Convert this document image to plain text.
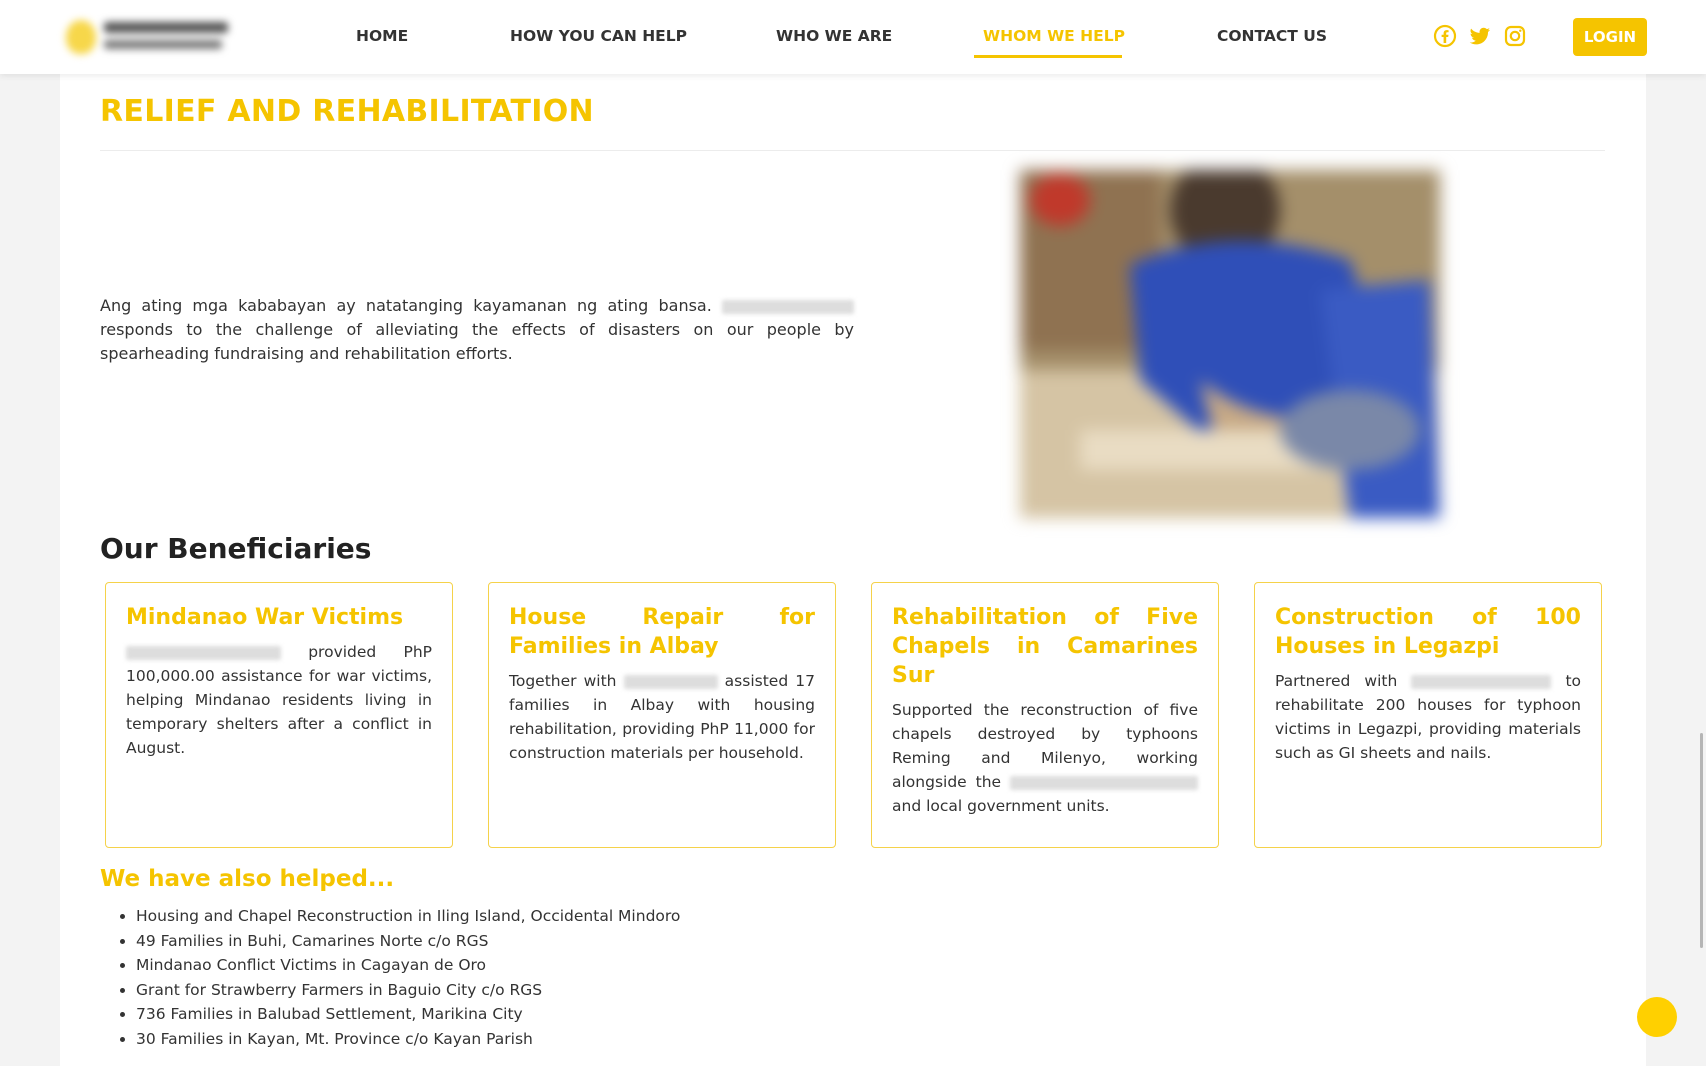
HOME	HOW YOU CAN HELP	WHO WE ARE	WHOM WE HELP	CONTACT US	LOGIN
RELIEF AND REHABILITATION
Ang ating mga kababayan ay natatanging kayamanan ng ating bansa.  responds to the challenge of alleviating the effects of disasters on our people by spearheading fundraising and rehabilitation efforts.
Our Beneficiaries
Mindanao War Victims

provided PhP 100,000.00 assistance for war victims, helping Mindanao residents living in temporary shelters after a conflict in August.

House Repair for Families in Albay

Together with	assisted 17 families in Albay with housing rehabilitation, providing PhP 11,000 for construction materials per household.

Rehabilitation of Five Chapels in Camarines Sur

Supported the reconstruction of five chapels destroyed by typhoons Reming and Milenyo, working alongside the  and local government units.

Construction of 100 Houses in Legazpi

Partnered with	to rehabilitate 200 houses for typhoon victims in Legazpi, providing materials such as GI sheets and nails.

We have also helped...
• Housing and Chapel Reconstruction in Iling Island, Occidental Mindoro
• 49 Families in Buhi, Camarines Norte c/o RGS
• Mindanao Conflict Victims in Cagayan de Oro
• Grant for Strawberry Farmers in Baguio City c/o RGS
• 736 Families in Balubad Settlement, Marikina City
• 30 Families in Kayan, Mt. Province c/o Kayan Parish
